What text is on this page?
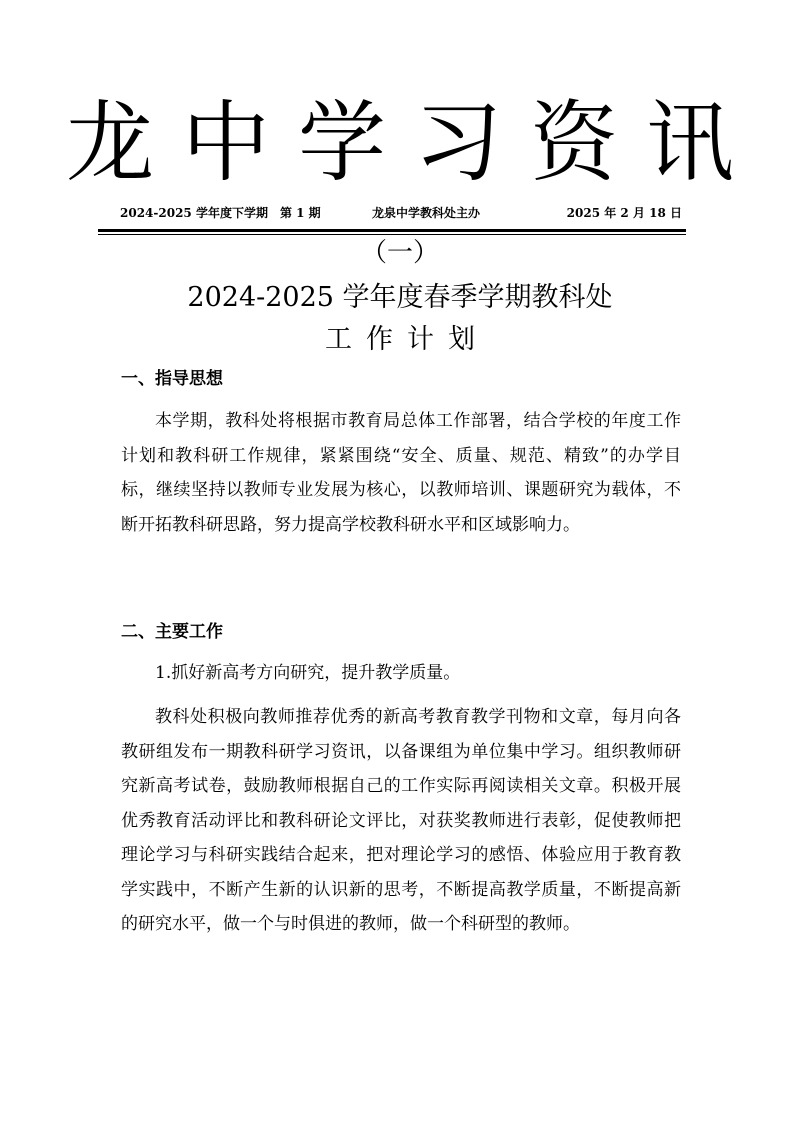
龙中学习资讯
2024-2025 学年度下学期　第 1 期	龙泉中学教科处主办	2025 年 2 月 18 日
（一）
2024-2025 学年度春季学期教科处
工作计划
一、指导思想

本学期，教科处将根据市教育局总体工作部署，结合学校的年度工作计划和教科研工作规律，紧紧围绕“安全、质量、规范、精致”的办学目标，继续坚持以教师专业发展为核心，以教师培训、课题研究为载体，不断开拓教科研思路，努力提高学校教科研水平和区域影响力。

二、主要工作

1.抓好新高考方向研究，提升教学质量。

教科处积极向教师推荐优秀的新高考教育教学刊物和文章，每月向各教研组发布一期教科研学习资讯，以备课组为单位集中学习。组织教师研究新高考试卷，鼓励教师根据自己的工作实际再阅读相关文章。积极开展优秀教育活动评比和教科研论文评比，对获奖教师进行表彰，促使教师把理论学习与科研实践结合起来，把对理论学习的感悟、体验应用于教育教学实践中，不断产生新的认识新的思考，不断提高教学质量，不断提高新的研究水平，做一个与时俱进的教师，做一个科研型的教师。
